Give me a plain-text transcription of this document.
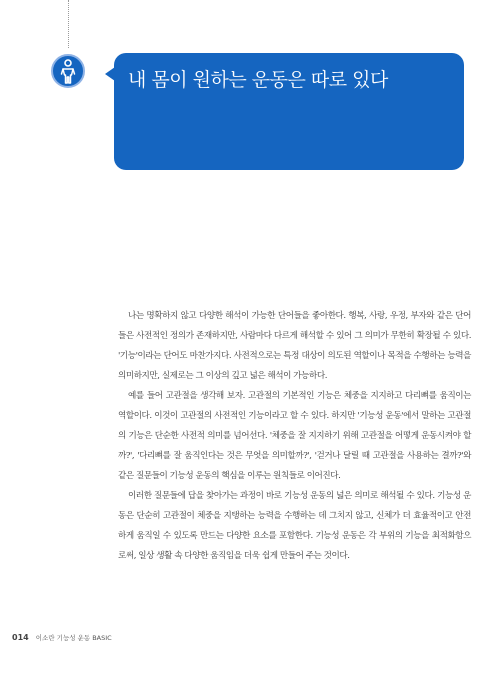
내 몸이 원하는 운동은 따로 있다

나는 명확하지 않고 다양한 해석이 가능한 단어들을 좋아한다. 행복, 사랑, 우정, 부자와 같은 단어들은 사전적인 정의가 존재하지만, 사람마다 다르게 해석할 수 있어 그 의미가 무한히 확장될 수 있다. '기능'이라는 단어도 마찬가지다. 사전적으로는 특정 대상이 의도된 역할이나 목적을 수행하는 능력을 의미하지만, 실제로는 그 이상의 깊고 넓은 해석이 가능하다.

예를 들어 고관절을 생각해 보자. 고관절의 기본적인 기능은 체중을 지지하고 다리뼈를 움직이는 역할이다. 이것이 고관절의 사전적인 기능이라고 할 수 있다. 하지만 '기능성 운동'에서 말하는 고관절의 기능은 단순한 사전적 의미를 넘어선다. '체중을 잘 지지하기 위해 고관절을 어떻게 운동시켜야 할까?', '다리뼈를 잘 움직인다는 것은 무엇을 의미할까?', '걷거나 달릴 때 고관절을 사용하는 결까?'와 같은 질문들이 기능성 운동의 핵심을 이루는 원칙들로 이어진다.

이러한 질문들에 답을 찾아가는 과정이 바로 기능성 운동의 넓은 의미로 해석될 수 있다. 기능성 운동은 단순히 고관절이 체중을 지탱하는 능력을 수행하는 데 그치지 않고, 신체가 더 효율적이고 안전하게 움직일 수 있도록 만드는 다양한 요소를 포함한다. 기능성 운동은 각 부위의 기능을 최적화함으로써, 일상 생활 속 다양한 움직임을 더욱 쉽게 만들어 주는 것이다.

014 이소란 기능성 운동 BASIC
